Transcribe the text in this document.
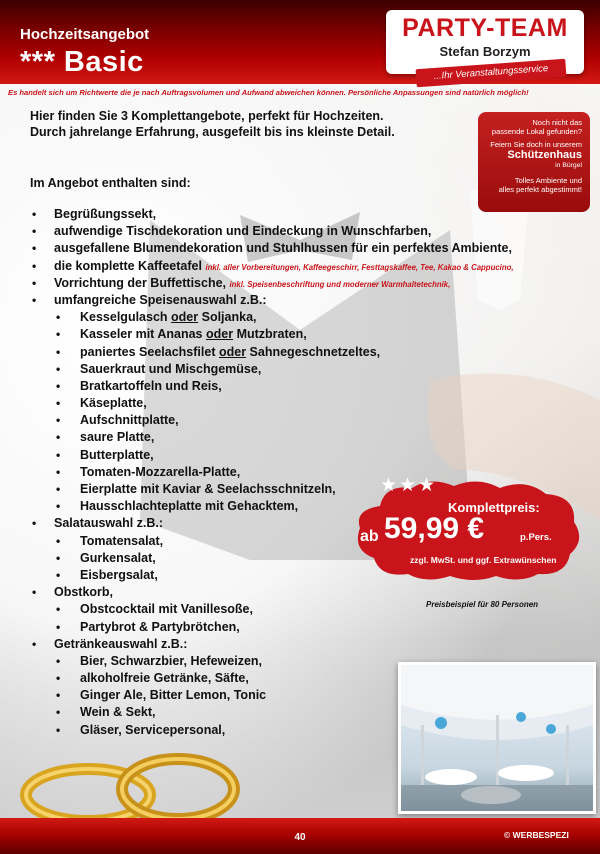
Hochzeitsangebot
*** Basic
PARTY-TEAM
Stefan Borzym
...Ihr Veranstaltungsservice
Es handelt sich um Richtwerte die je nach Auftragsvolumen und Aufwand abweichen können. Persönliche Anpassungen sind natürlich möglich!
Hier finden Sie 3 Komplettangebote, perfekt für Hochzeiten.
Durch jahrelange Erfahrung, ausgefeilt bis ins kleinste Detail.
Noch nicht das
passende Lokal gefunden?
Feiern Sie doch in unserem
Schützenhaus
in Bürgel
Tolles Ambiente und
alles perfekt abgestimmt!
Im Angebot enthalten sind:
• Begrüßungssekt,
• aufwendige Tischdekoration und Eindeckung in Wunschfarben,
• ausgefallene Blumendekoration und Stuhlhussen für ein perfektes Ambiente,
• die komplette Kaffeetafel inkl. aller Vorbereitungen, Kaffeegeschirr, Festtagskaffee, Tee, Kakao & Cappucino,
• Vorrichtung der Buffettische, inkl. Speisenbeschriftung und moderner Warmhaltetechnik,
• umfangreiche Speisenauswahl z.B.:
• Kesselgulasch oder Soljanka,
• Kasseler mit Ananas oder Mutzbraten,
• paniertes Seelachsfilet oder Sahnegeschnetzeltes,
• Sauerkraut und Mischgemüse,
• Bratkartoffeln und Reis,
• Käseplatte,
• Aufschnittplatte,
• saure Platte,
• Butterplatte,
• Tomaten-Mozzarella-Platte,
• Eierplatte mit Kaviar & Seelachsschnitzeln,
• Hausschlachteplatte mit Gehacktem,
• Salatauswahl z.B.:
• Tomatensalat,
• Gurkensalat,
• Eisbergsalat,
• Obstkorb,
• Obstcocktail mit Vanillesoße,
• Partybrot & Partybrötchen,
• Getränkeauswahl z.B.:
• Bier, Schwarzbier, Hefeweizen,
• alkoholfreie Getränke, Säfte,
• Ginger Ale, Bitter Lemon, Tonic
• Wein & Sekt,
• Gläser, Servicepersonal,
★★★
Komplettpreis:
ab 59,99 €	p.Pers.
zzgl. MwSt. und ggf. Extrawünschen
Preisbeispiel für 80 Personen
40	© WERBESPEZI
